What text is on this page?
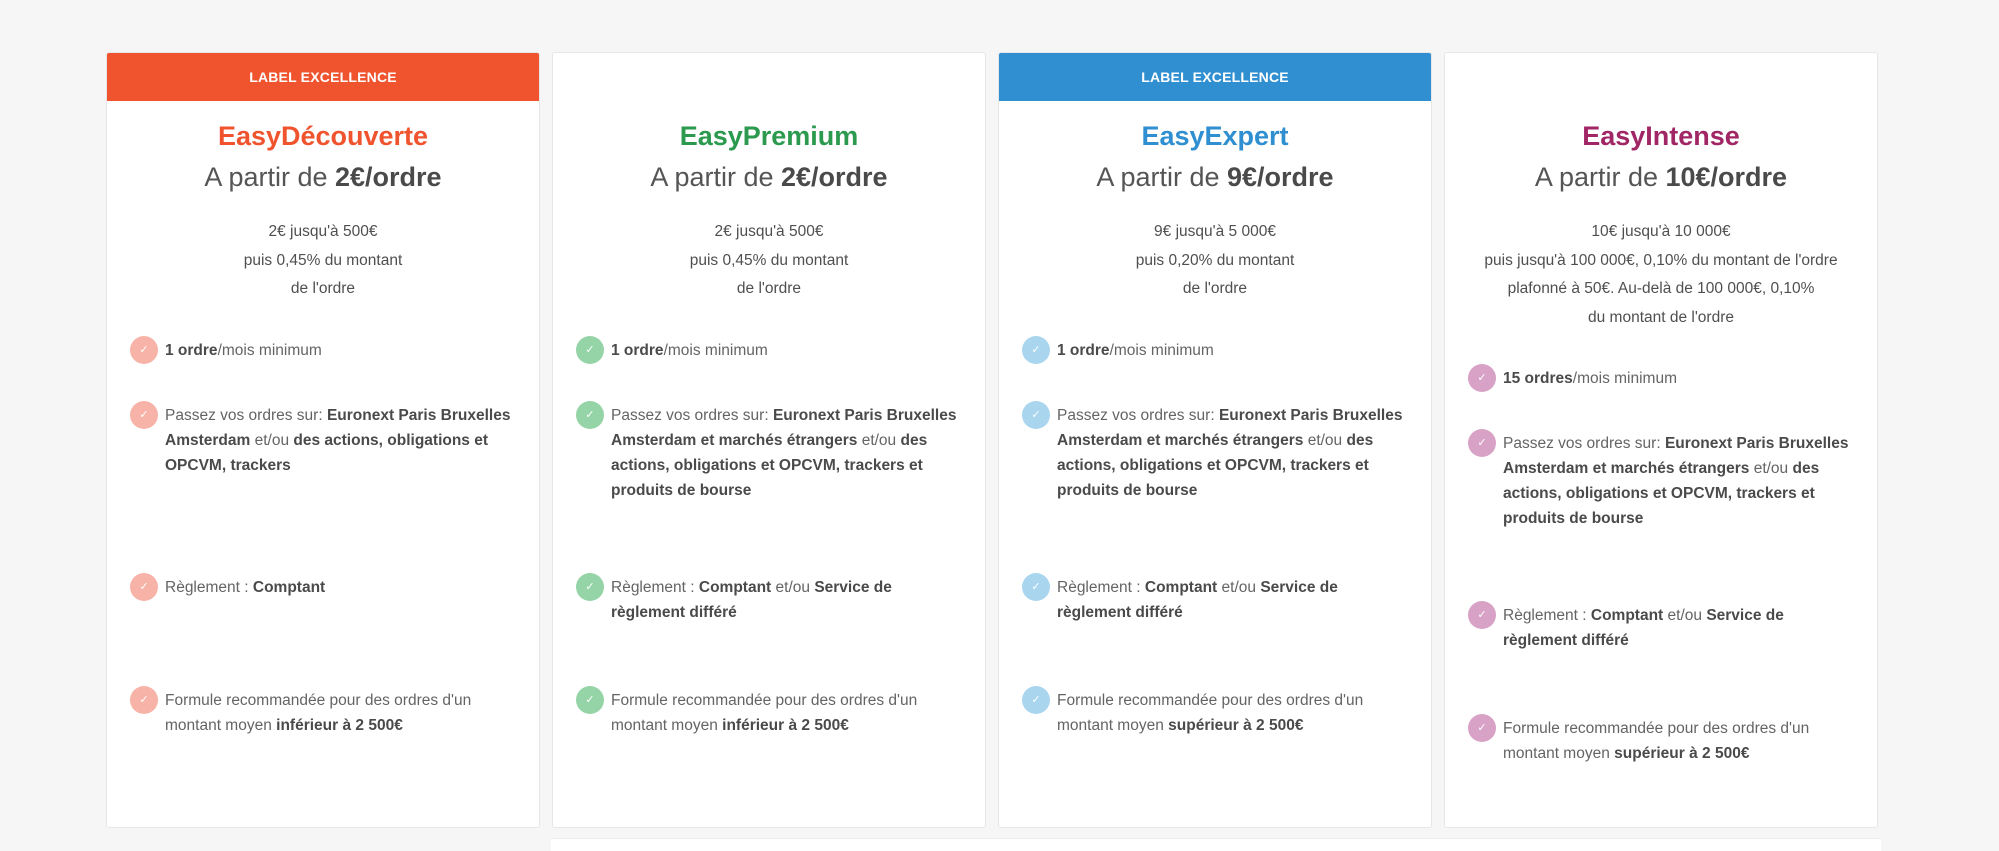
LABEL EXCELLENCE
EasyDécouverte
A partir de 2€/ordre
2€ jusqu'à 500€
puis 0,45% du montant
de l'ordre
✓	1 ordre/mois minimum
✓	Passez vos ordres sur: Euronext Paris Bruxelles Amsterdam et/ou des actions, obligations et OPCVM, trackers
✓	Règlement : Comptant
✓	Formule recommandée pour des ordres d'un montant moyen inférieur à 2 500€
EasyPremium
A partir de 2€/ordre
2€ jusqu'à 500€
puis 0,45% du montant
de l'ordre
✓	1 ordre/mois minimum
✓	Passez vos ordres sur: Euronext Paris Bruxelles Amsterdam et marchés étrangers et/ou des actions, obligations et OPCVM, trackers et produits de bourse
✓	Règlement : Comptant et/ou Service de règlement différé
✓	Formule recommandée pour des ordres d'un montant moyen inférieur à 2 500€
LABEL EXCELLENCE
EasyExpert
A partir de 9€/ordre
9€ jusqu'à 5 000€
puis 0,20% du montant
de l'ordre
✓	1 ordre/mois minimum
✓	Passez vos ordres sur: Euronext Paris Bruxelles Amsterdam et marchés étrangers et/ou des actions, obligations et OPCVM, trackers et produits de bourse
✓	Règlement : Comptant et/ou Service de règlement différé
✓	Formule recommandée pour des ordres d'un montant moyen supérieur à 2 500€
EasyIntense
A partir de 10€/ordre
10€ jusqu'à 10 000€
puis jusqu'à 100 000€, 0,10% du montant de l'ordre
plafonné à 50€. Au-delà de 100 000€, 0,10%
du montant de l'ordre
✓	15 ordres/mois minimum
✓	Passez vos ordres sur: Euronext Paris Bruxelles Amsterdam et marchés étrangers et/ou des actions, obligations et OPCVM, trackers et produits de bourse
✓	Règlement : Comptant et/ou Service de règlement différé
✓	Formule recommandée pour des ordres d'un montant moyen supérieur à 2 500€
